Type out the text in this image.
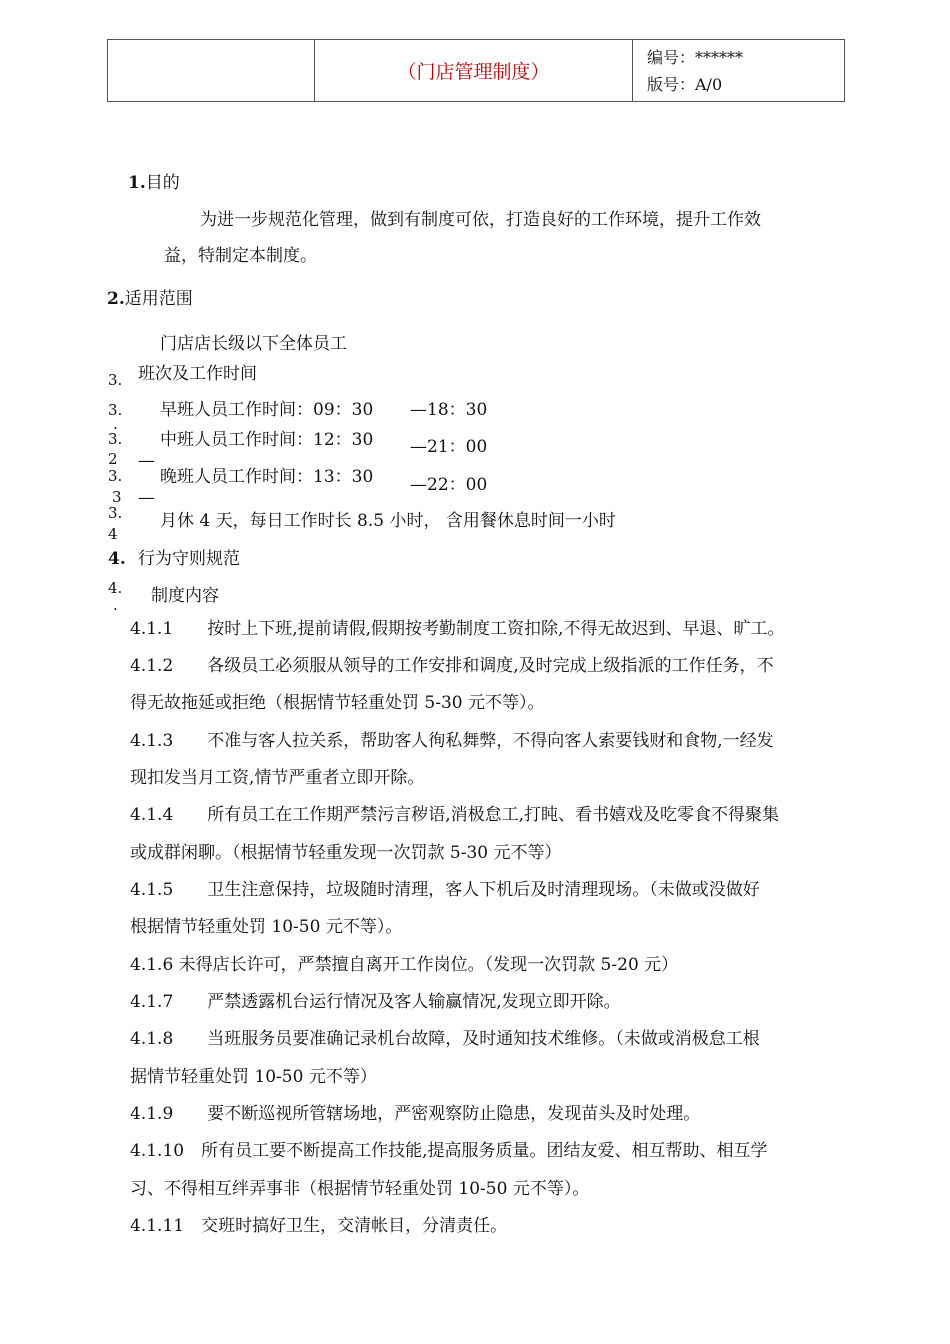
	（门店管理制度）	
编号：******
版号：A/0
1.目的
为进一步规范化管理，做到有制度可依，打造良好的工作环境，提升工作效
益，特制定本制度。
2.适用范围
门店店长级以下全体员工
3. 班次及工作时间
3.
.
早班人员工作时间：09：30 —18：30
3.
2 —
中班人员工作时间：12：30 —21：00
3.
3 —
晚班人员工作时间：13：30 —22：00
3.
4
月休 4 天，每日工作时长 8.5 小时， 含用餐休息时间一小时
4. 行为守则规范
4.
. 制度内容
4.1.1　　按时上下班,提前请假,假期按考勤制度工资扣除,不得无故迟到、早退、旷工。
4.1.2　　各级员工必须服从领导的工作安排和调度,及时完成上级指派的工作任务，不
得无故拖延或拒绝（根据情节轻重处罚 5-30 元不等）。
4.1.3　　不准与客人拉关系，帮助客人徇私舞弊，不得向客人索要钱财和食物,一经发
现扣发当月工资,情节严重者立即开除。
4.1.4　　所有员工在工作期严禁污言秽语,消极怠工,打盹、看书嬉戏及吃零食不得聚集
或成群闲聊。（根据情节轻重发现一次罚款 5-30 元不等）
4.1.5　　卫生注意保持，垃圾随时清理，客人下机后及时清理现场。（未做或没做好
根据情节轻重处罚 10-50 元不等）。
4.1.6 未得店长许可，严禁擅自离开工作岗位。（发现一次罚款 5-20 元）
4.1.7　　严禁透露机台运行情况及客人输赢情况,发现立即开除。
4.1.8　　当班服务员要准确记录机台故障，及时通知技术维修。（未做或消极怠工根
据情节轻重处罚 10-50 元不等）
4.1.9　　要不断巡视所管辖场地，严密观察防止隐患，发现苗头及时处理。
4.1.10　所有员工要不断提高工作技能,提高服务质量。团结友爱、相互帮助、相互学
习、不得相互绊弄事非（根据情节轻重处罚 10-50 元不等）。
4.1.11　交班时搞好卫生，交清帐目，分清责任。
